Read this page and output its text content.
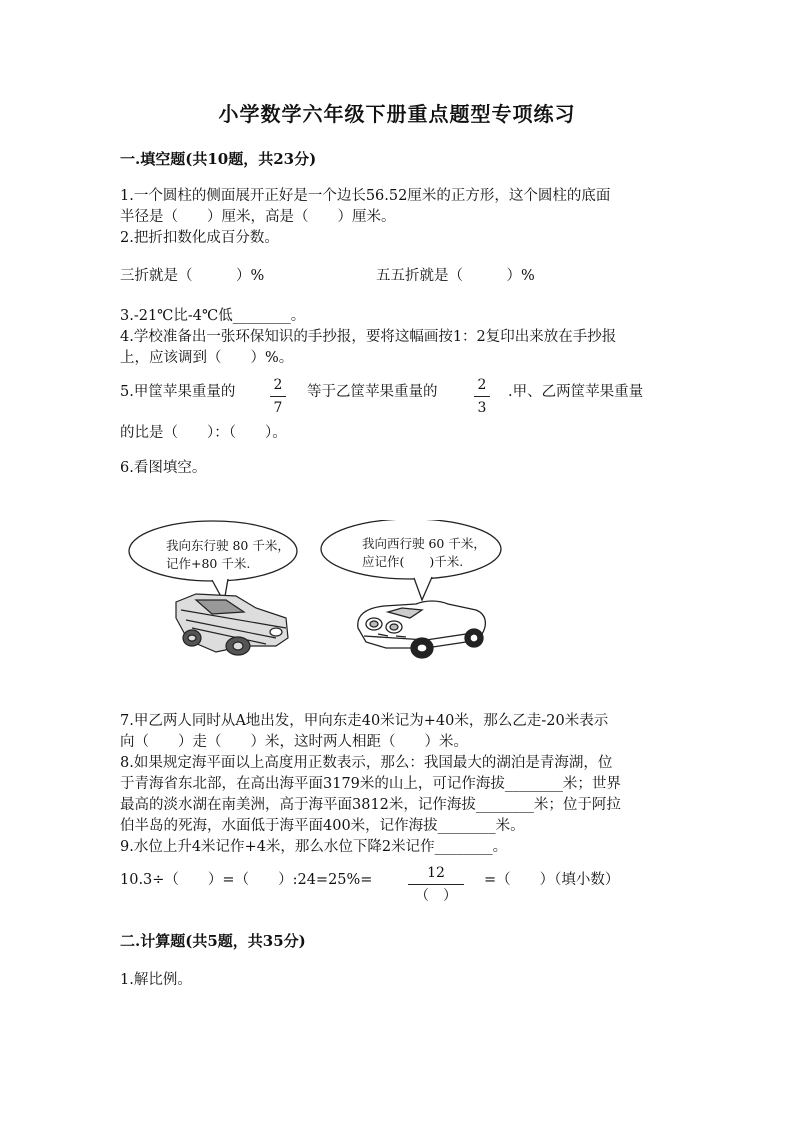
小学数学六年级下册重点题型专项练习
一.填空题(共10题，共23分)
1.一个圆柱的侧面展开正好是一个边长56.52厘米的正方形，这个圆柱的底面
半径是（　　）厘米，高是（　　）厘米。
2.把折扣数化成百分数。
三折就是（　　　）%	五五折就是（　　　）%
3.-21℃比-4℃低________。
4.学校准备出一张环保知识的手抄报，要将这幅画按1：2复印出来放在手抄报
上，应该调到（　　）%。
5.甲筐苹果重量的	2
7
等于乙筐苹果重量的	2
3
.甲、乙两筐苹果重量
的比是（　　）：（　　）。
6.看图填空。
我向东行驶 80 千米，
记作+80 千米.
我向西行驶 60 千米，
应记作(　　)千米.
7.甲乙两人同时从A地出发，甲向东走40米记为+40米，那么乙走-20米表示
向（　　）走（　　）米，这时两人相距（　　）米。
8.如果规定海平面以上高度用正数表示，那么：我国最大的湖泊是青海湖，位
于青海省东北部，在高出海平面3179米的山上，可记作海拔________米；世界
最高的淡水湖在南美洲，高于海平面3812米，记作海拔________米；位于阿拉
伯半岛的死海，水面低于海平面400米，记作海拔________米。
9.水位上升4米记作+4米，那么水位下降2米记作________。
10.3÷（　　）=（　　）:24=25%=	12
（　）
=（　　）（填小数）
二.计算题(共5题，共35分)
1.解比例。
